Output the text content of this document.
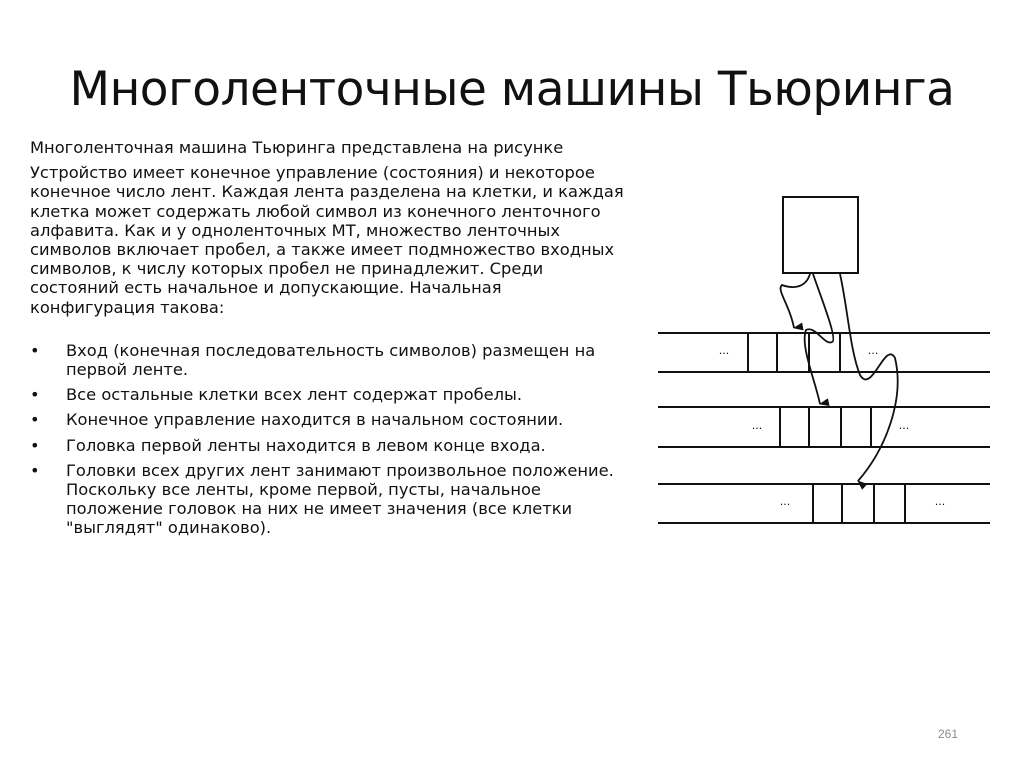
Многоленточные машины Тьюринга

Многоленточная машина Тьюринга представлена на рисунке

Устройство имеет конечное управление (состояния) и некоторое конечное число лент. Каждая лента разделена на клетки, и каждая клетка может содержать любой символ из конечного ленточного алфавита. Как и у одноленточных МТ, множество ленточных символов включает пробел, а также имеет подмножество входных символов, к числу которых пробел не принадлежит. Среди состояний есть начальное и допускающие. Начальная конфигурация такова:

• Вход (конечная последовательность символов) размещен на первой ленте.
• Все остальные клетки всех лент содержат пробелы.
• Конечное управление находится в начальном состоянии.
• Головка первой ленты находится в левом конце входа.
• Головки всех других лент занимают произвольное положение. Поскольку все ленты, кроме первой, пусты, начальное положение головок на них не имеет значения (все клетки "выглядят" одинаково).
...	...
...	...
...	...
261
